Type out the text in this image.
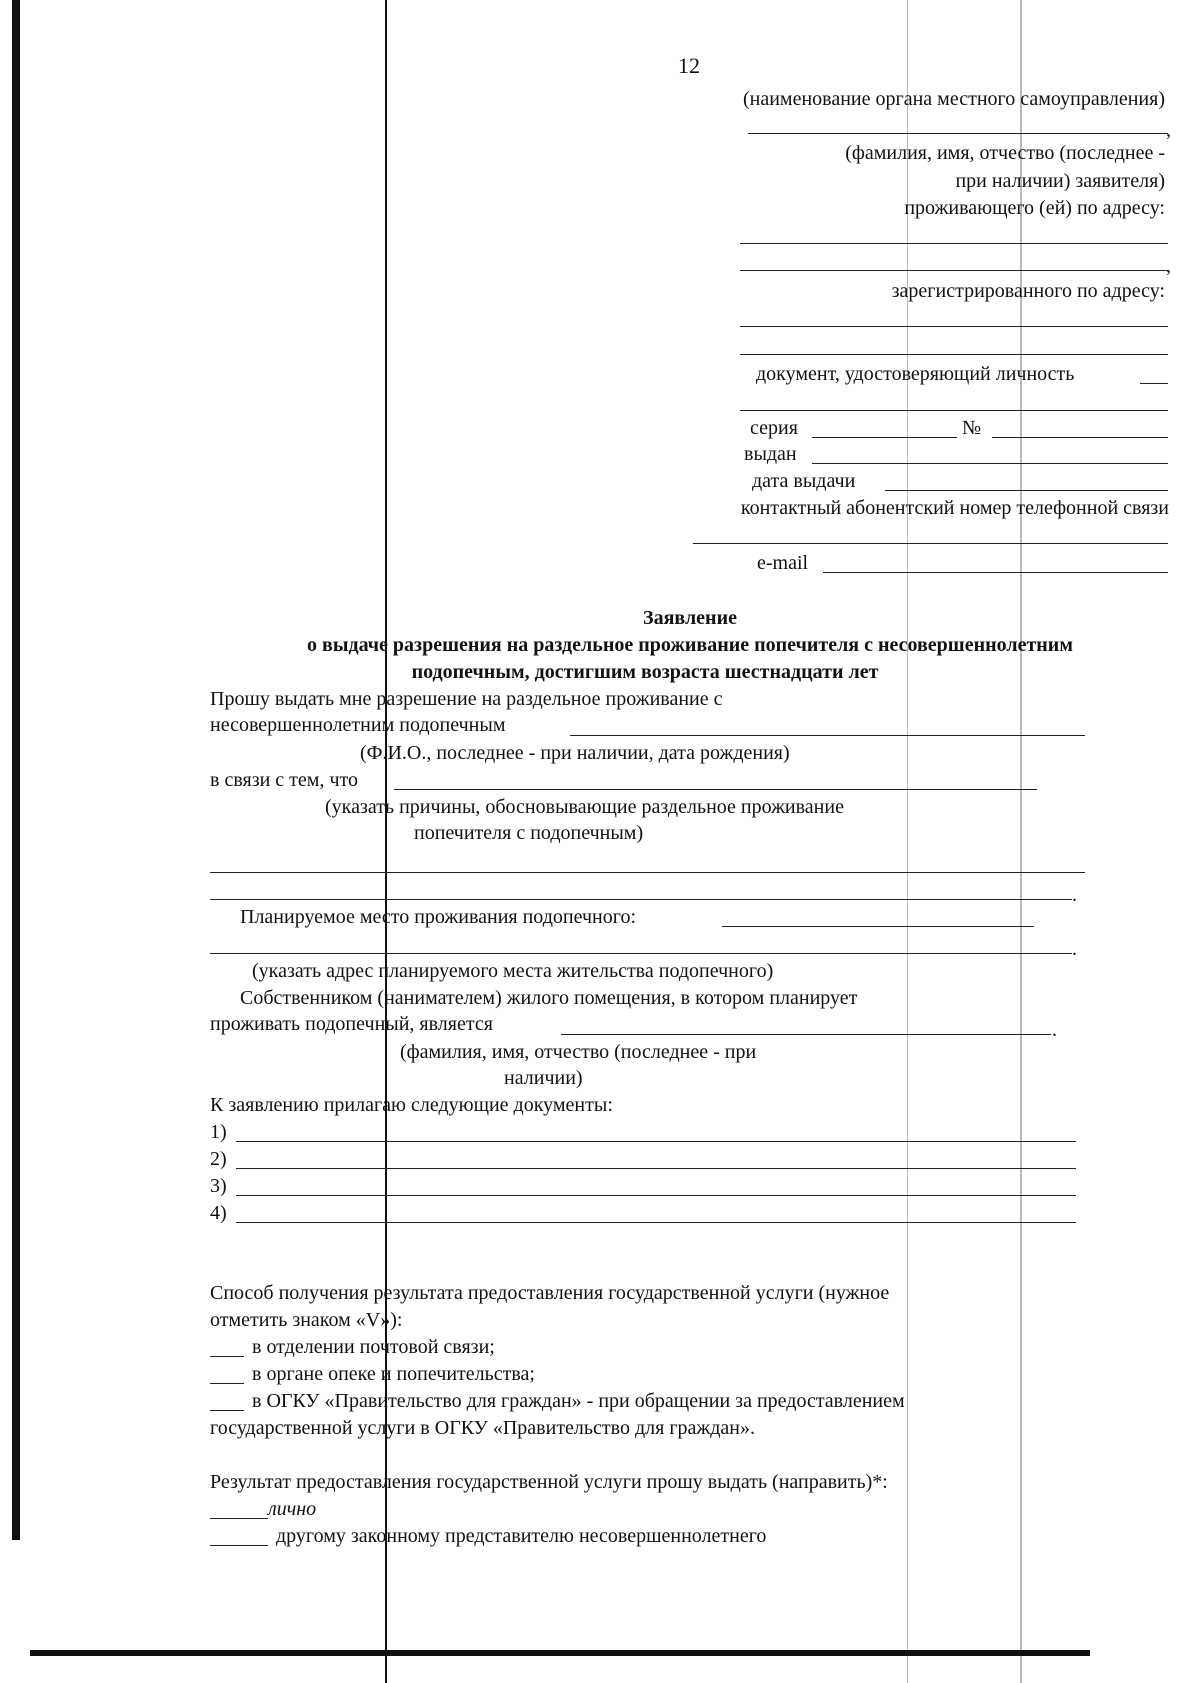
12
(наименование органа местного самоуправления)
,
(фамилия, имя, отчество (последнее -
при наличии) заявителя)
проживающего (ей) по адресу:
,
зарегистрированного по адресу:
документ, удостоверяющий личность
серия	№
выдан
дата выдачи
контактный абонентский номер телефонной связи
e-mail
Заявление
о выдаче разрешения на раздельное проживание попечителя с несовершеннолетним
подопечным, достигшим возраста шестнадцати лет
Прошу выдать мне разрешение на раздельное проживание с
несовершеннолетним подопечным
(Ф.И.О., последнее - при наличии, дата рождения)
в связи с тем, что
(указать причины, обосновывающие раздельное проживание
попечителя с подопечным)
.
Планируемое место проживания подопечного:
.
(указать адрес планируемого места жительства подопечного)
Собственником (нанимателем) жилого помещения, в котором планирует
проживать подопечный, является	.
(фамилия, имя, отчество (последнее - при
наличии)
К заявлению прилагаю следующие документы:
1)
2)
3)
4)
Способ получения результата предоставления государственной услуги (нужное
отметить знаком «V»):
в отделении почтовой связи;
в органе опеке и попечительства;
в ОГКУ «Правительство для граждан» - при обращении за предоставлением
государственной услуги в ОГКУ «Правительство для граждан».
Результат предоставления государственной услуги прошу выдать (направить)*:
лично
другому законному представителю несовершеннолетнего
